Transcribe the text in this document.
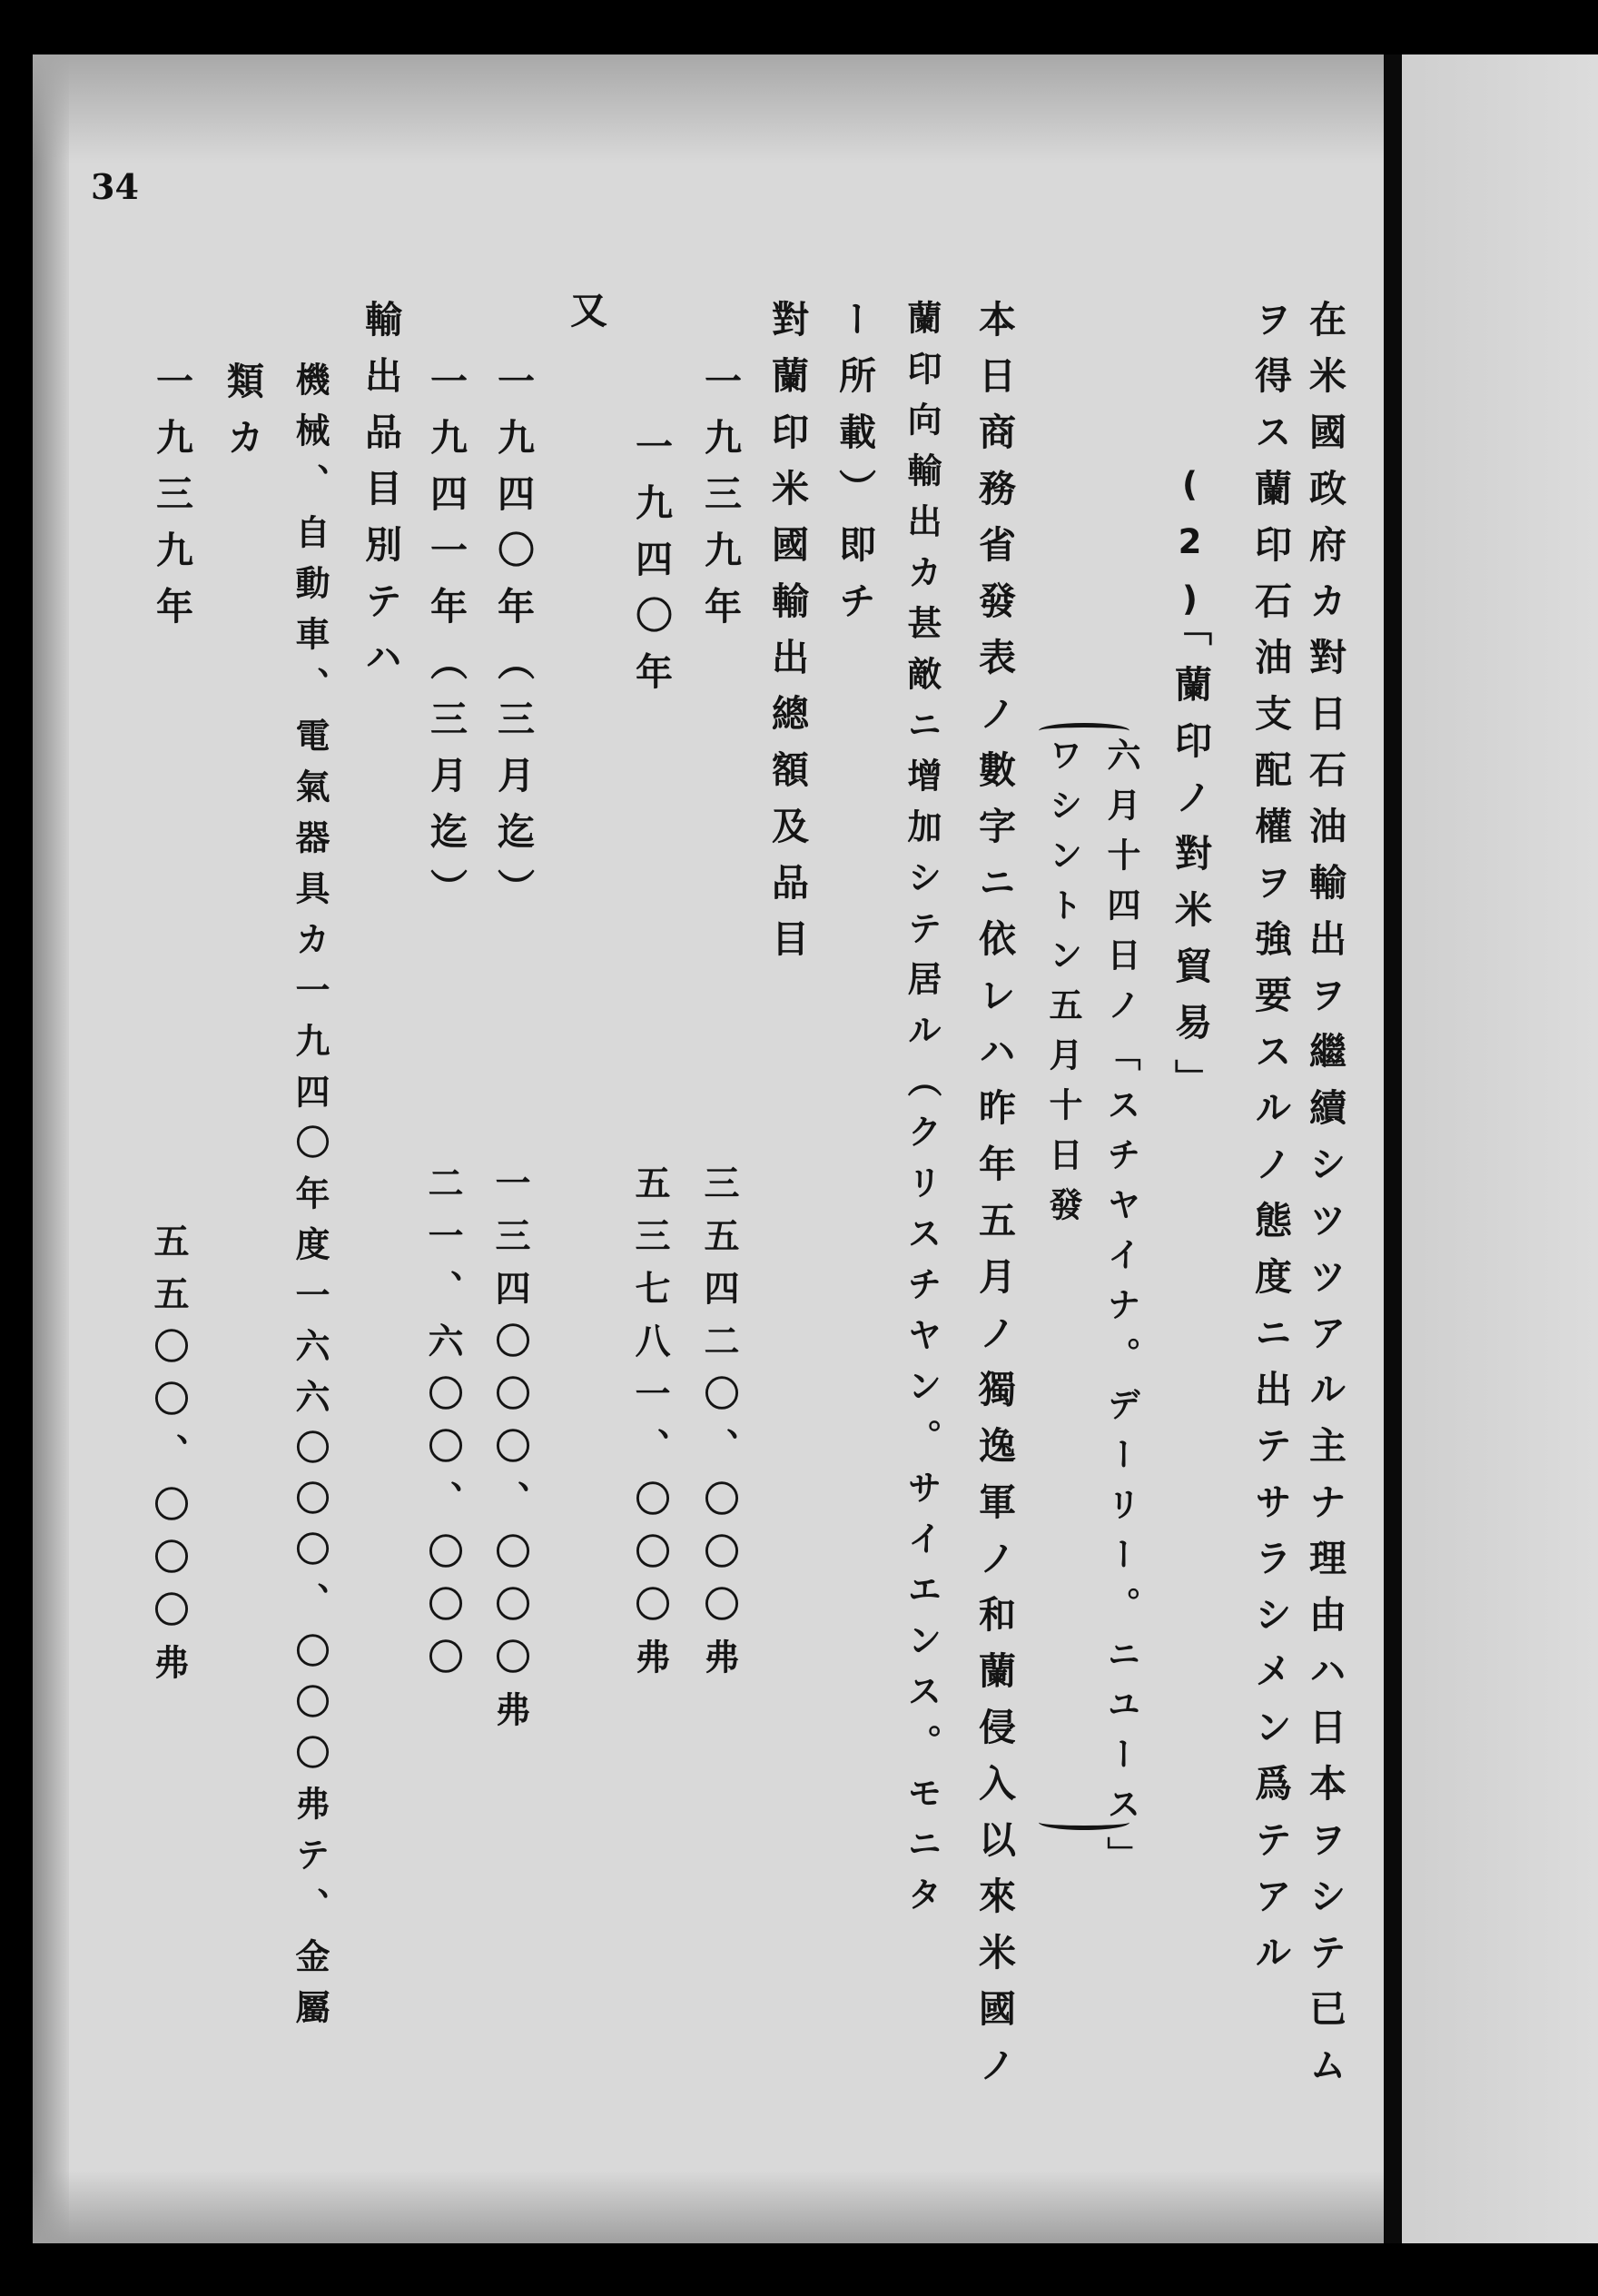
34
在米國政府カ對日石油輸出ヲ繼續シツツアル主ナ理由ハ日本ヲシテ已ム
ヲ得ス蘭印石油支配權ヲ強要スルノ態度ニ出テサラシメン爲テアル
(2)
「蘭印ノ對米貿易」
六月十四日ノ「スチヤイナ。デーリー。ニユース」
ワシントン五月十日發
本日商務省發表ノ數字ニ依レハ昨年五月ノ獨逸軍ノ和蘭侵入以來米國ノ
蘭印向輸出カ甚敵ニ增加シテ居ル（クリスチヤン。サイエンス。モニタ
ー所載）即チ
對蘭印米國輸出總額及品目
一九三九年
三五四二〇、〇〇〇弗
一九四〇年
五三七八一、〇〇〇弗
又
一九四〇年（三月迄）
一三四〇〇〇、〇〇〇弗
一九四一年（三月迄）
二一、六〇〇、〇〇〇
輸出品目別テハ
機械、自動車、電氣器具カ一九四〇年度一六六〇〇〇、〇〇〇弗テ、金屬
類カ
一九三九年
五五〇〇、〇〇〇弗
